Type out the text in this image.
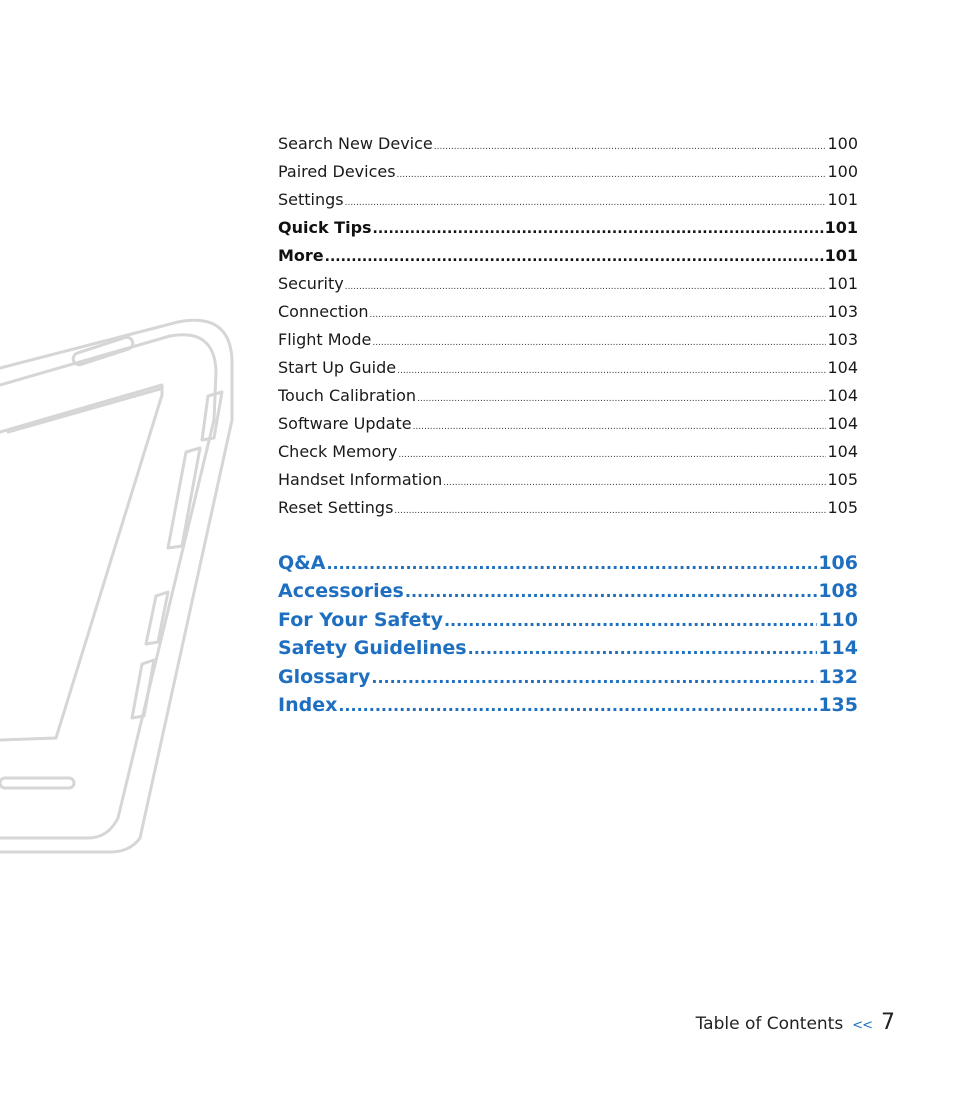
Search New Device .....	100
Paired Devices .....	100
Settings .....	101
Quick Tips .....	101
More .....	101
Security .....	101
Connection .....	103
Flight Mode .....	103
Start Up Guide .....	104
Touch Calibration .....	104
Software Update .....	104
Check Memory .....	104
Handset Information .....	105
Reset Settings .....	105
Q&A .....	106
Accessories .....	108
For Your Safety .....	110
Safety Guidelines .....	114
Glossary .....	132
Index .....	135
Table of Contents << 7
